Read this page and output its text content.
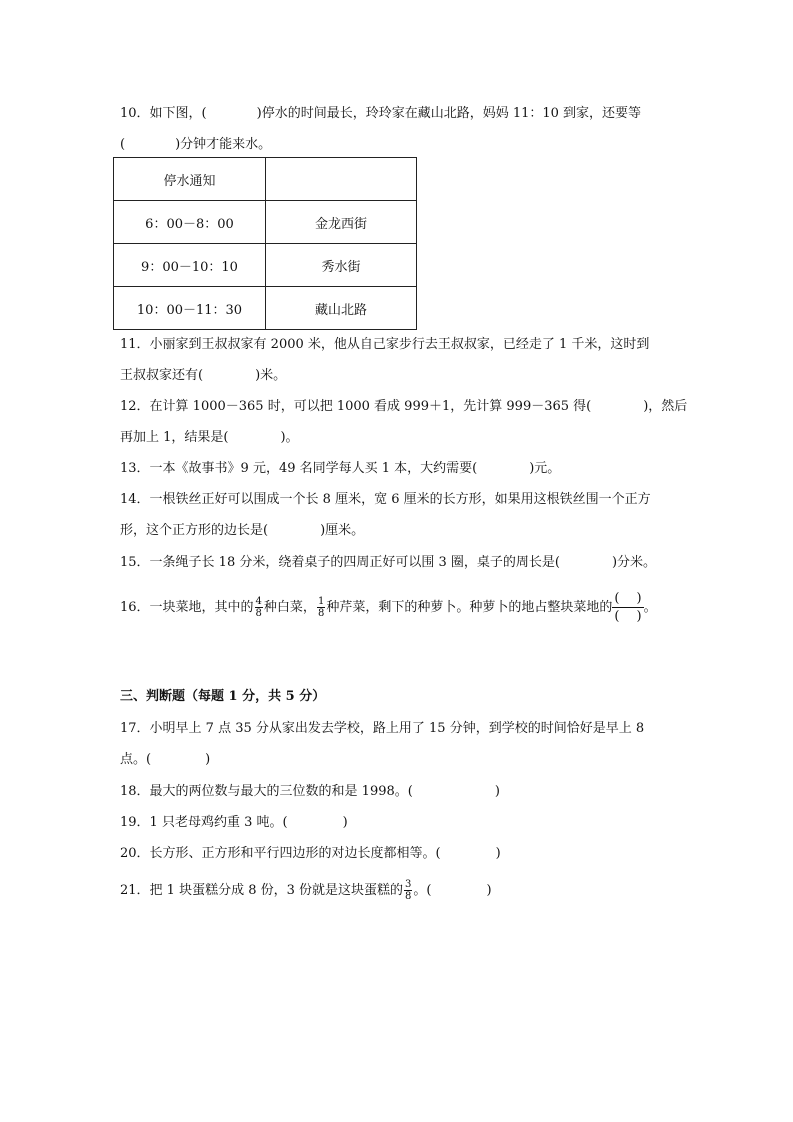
10．如下图，(	)停水的时间最长，玲玲家在藏山北路，妈妈 11：10 到家，还要等
(	)分钟才能来水。
停水通知	
6：00－8：00	金龙西街
9：00－10：10	秀水街
10：00－11：30	藏山北路
11．小丽家到王叔叔家有 2000 米，他从自己家步行去王叔叔家，已经走了 1 千米，这时到
王叔叔家还有(	)米。
12．在计算 1000－365 时，可以把 1000 看成 999＋1，先计算 999－365 得(	)，然后
再加上 1，结果是(	)。
13．一本《故事书》9 元，49 名同学每人买 1 本，大约需要(	)元。
14．一根铁丝正好可以围成一个长 8 厘米，宽 6 厘米的长方形，如果用这根铁丝围一个正方
形，这个正方形的边长是(	)厘米。
15．一条绳子长 18 分米，绕着桌子的四周正好可以围 3 圈，桌子的周长是(	)分米。
16．一块菜地，其中的 $\frac{4}{8}$ 种白菜， $\frac{1}{8}$ 种芹菜，剩下的种萝卜。种萝卜的地占整块菜地的 $\frac{( )}{( )}$ 。
三、判断题（每题 1 分，共 5 分）
17．小明早上 7 点 35 分从家出发去学校，路上用了 15 分钟，到学校的时间恰好是早上 8
点。(	)
18．最大的两位数与最大的三位数的和是 1998。(	)
19．1 只老母鸡约重 3 吨。(	)
20．长方形、正方形和平行四边形的对边长度都相等。(	)
21．把 1 块蛋糕分成 8 份，3 份就是这块蛋糕的 $\frac{3}{8}$ 。(	)
